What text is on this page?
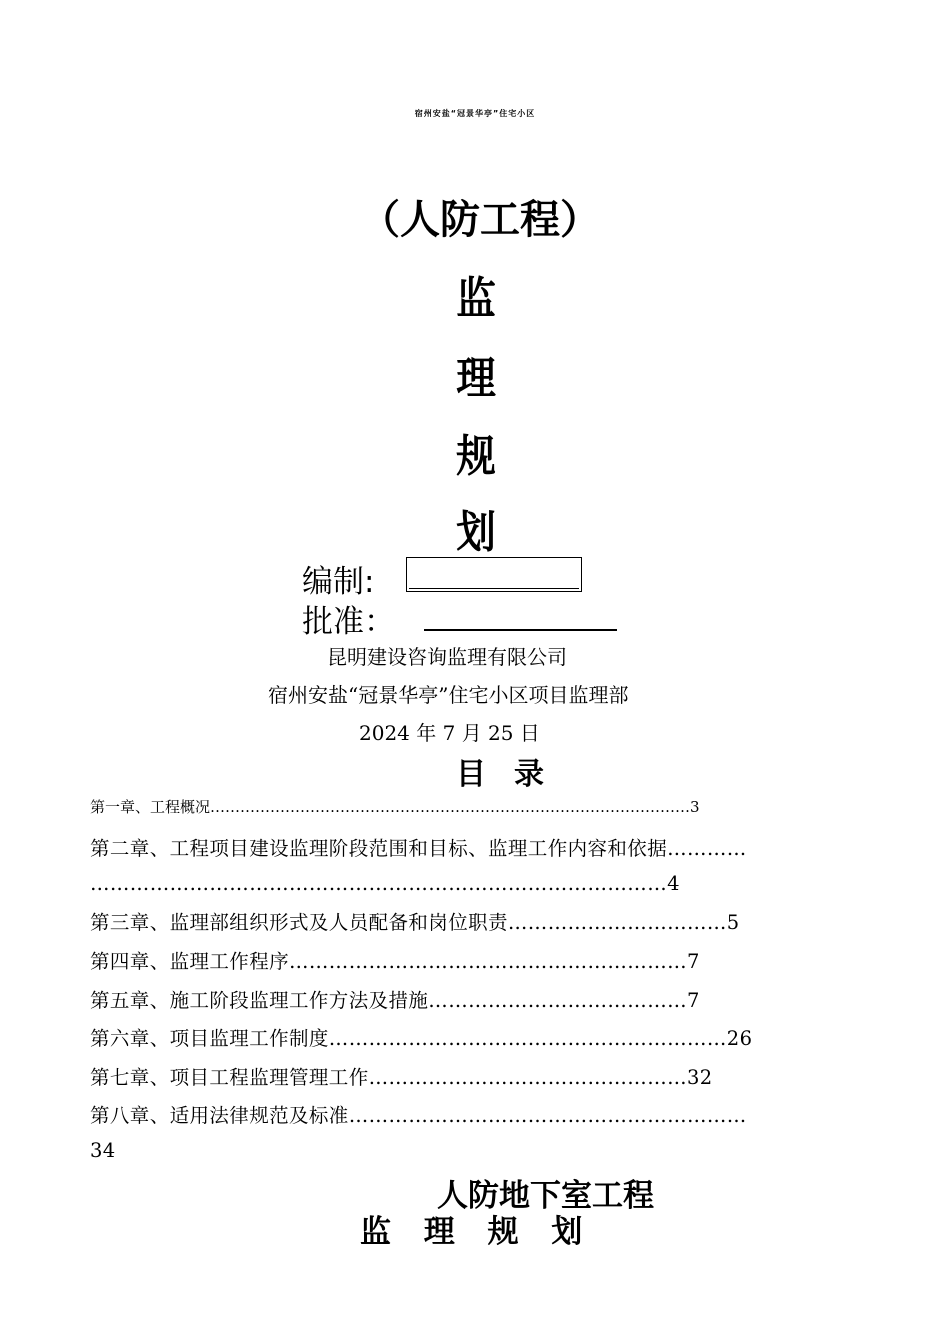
宿州安盐“冠景华亭”住宅小区
（人防工程）
监
理
规
划
编制:
批准：
昆明建设咨询监理有限公司
宿州安盐“冠景华亭”住宅小区项目监理部
2024 年 7 月 25 日
目录
第一章、工程概况……………………………………………………………………………………3
第二章、工程项目建设监理阶段范围和目标、监理工作内容和依据…………
……………………………………………………………………………4
第三章、监理部组织形式及人员配备和岗位职责……………………………5
第四章、监理工作程序……………………………………………………7
第五章、施工阶段监理工作方法及措施…………………………………7
第六章、项目监理工作制度……………………………………………………26
第七章、项目工程监理管理工作…………………………………………32
第八章、适用法律规范及标准……………………………………………………
34
人防地下室工程
监 理 规 划
